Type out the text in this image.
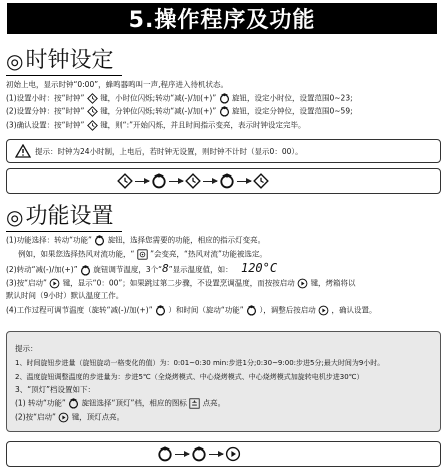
5.操作程序及功能
◎ 时钟设定
初始上电，显示时钟“0:00”，蜂鸣器鸣叫一声,程序进入待机状态。
(1)设置小时：按“时钟” 键，小时位闪烁;转动“减(-)/加(+)” 旋钮，设定小时位，设置范围0~23;
(2)设置分钟：按“时钟” 键，分钟位闪烁;转动“减(-)/加(+)” 旋钮，设定分钟位，设置范围0~59;
(3)确认设置：按“时钟” 键，则“:”开始闪烁，并且时间指示变亮，表示时钟设定完毕。
提示：时钟为24小时制，上电后，若时钟无设置，则时钟不计时（显示0：00）。
◎ 功能设置
(1)功能选择：转动“功能” 旋钮，选择您需要的功能，相应的指示灯变亮。
例如，如果您选择热风对流功能，“ ”会变亮，“热风对流”功能被选定。
(2)转动“减(-)/加(+)” 旋钮调节温度，3个“8”显示温度值，如： 120°C
(3)按“启动” 键，显示“0：00”；如果跳过第二步骤，不设置烹调温度，而按按启动 键，烤箱将以
默认时间（9小时）默认温度工作。
(4)工作过程可调节温度（旋转“减(-)/加(+)” ）和时间（旋动“功能” ），调整后按启动 ，确认设置。
提示：
1、时间旋钮步进量（旋钮旋动一格变化的值）为：0:01~0:30 min:步进1分;0:30~9:00:步进5分;最大时间为9小时。
2、温度旋钮调整温度的步进量为：步进5℃（全烧烤模式、中心烧烤模式、中心烧烤模式加旋转电机步进30℃）
3、“顶灯”档设置如下：
(1) 转动“功能” 旋钮选择“顶灯”档，相应的图标 点亮。
(2)按“启动” 键，顶灯点亮。
